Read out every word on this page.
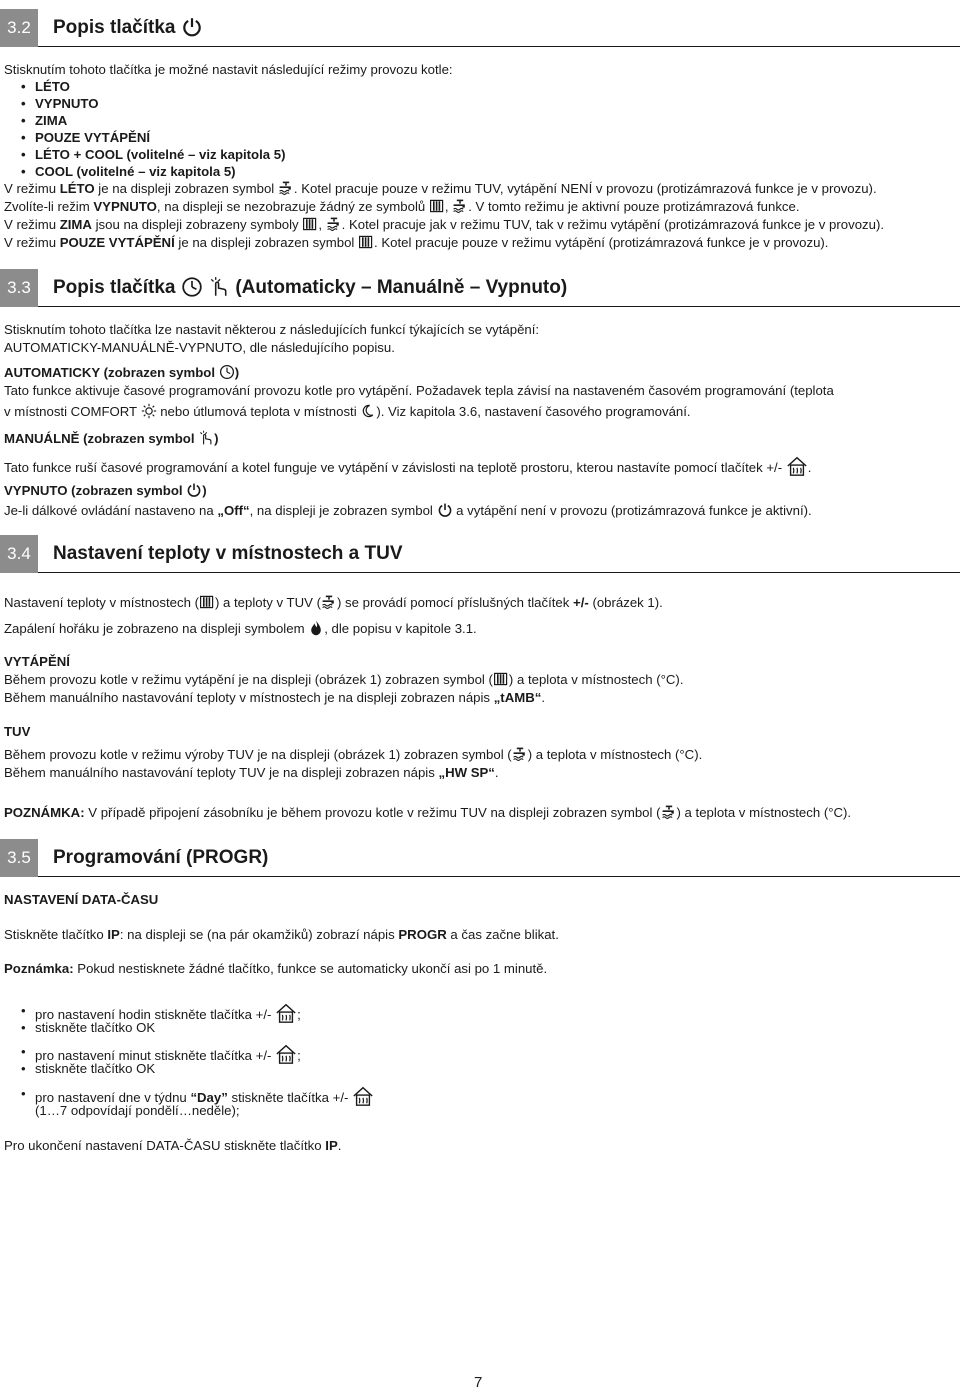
3.2	Popis tlačítka
Stisknutím tohoto tlačítka je možné nastavit následující režimy provozu kotle:
• LÉTO
• VYPNUTO
• ZIMA
• POUZE VYTÁPĚNÍ
• LÉTO + COOL (volitelné – viz kapitola 5)
• COOL (volitelné – viz kapitola 5)
V režimu LÉTO je na displeji zobrazen symbol . Kotel pracuje pouze v režimu TUV, vytápění NENÍ v provozu (protizámrazová funkce je v provozu).
Zvolíte-li režim VYPNUTO, na displeji se nezobrazuje žádný ze symbolů , . V tomto režimu je aktivní pouze protizámrazová funkce.
V režimu ZIMA jsou na displeji zobrazeny symboly , . Kotel pracuje jak v režimu TUV, tak v režimu vytápění (protizámrazová funkce je v provozu).
V režimu POUZE VYTÁPĚNÍ je na displeji zobrazen symbol . Kotel pracuje pouze v režimu vytápění (protizámrazová funkce je v provozu).
3.3	Popis tlačítka	(Automaticky – Manuálně – Vypnuto)
Stisknutím tohoto tlačítka lze nastavit některou z následujících funkcí týkajících se vytápění:
AUTOMATICKY-MANUÁLNĚ-VYPNUTO, dle následujícího popisu.
AUTOMATICKY (zobrazen symbol )
Tato funkce aktivuje časové programování provozu kotle pro vytápění. Požadavek tepla závisí na nastaveném časovém programování (teplota
v místnosti COMFORT  nebo útlumová teplota v místnosti ). Viz kapitola 3.6, nastavení časového programování.
MANUÁLNĚ (zobrazen symbol )
Tato funkce ruší časové programování a kotel funguje ve vytápění v závislosti na teplotě prostoru, kterou nastavíte pomocí tlačítek +/- .
VYPNUTO (zobrazen symbol )
Je-li dálkové ovládání nastaveno na „Off“, na displeji je zobrazen symbol  a vytápění není v provozu (protizámrazová funkce je aktivní).
3.4	Nastavení teploty v místnostech a TUV
Nastavení teploty v místnostech ( ) a teploty v TUV ( ) se provádí pomocí příslušných tlačítek +/- (obrázek 1).
Zapálení hořáku je zobrazeno na displeji symbolem , dle popisu v kapitole 3.1.
VYTÁPĚNÍ
Během provozu kotle v režimu vytápění je na displeji (obrázek 1) zobrazen symbol ( ) a teplota v místnostech (°C).
Během manuálního nastavování teploty v místnostech je na displeji zobrazen nápis „tAMB“.
TUV
Během provozu kotle v režimu výroby TUV je na displeji (obrázek 1) zobrazen symbol ( ) a teplota v místnostech (°C).
Během manuálního nastavování teploty TUV je na displeji zobrazen nápis „HW SP“.
POZNÁMKA: V případě připojení zásobníku je během provozu kotle v režimu TUV na displeji zobrazen symbol ( ) a teplota v místnostech (°C).
3.5	Programování (PROGR)
NASTAVENÍ DATA-ČASU
Stiskněte tlačítko IP: na displeji se (na pár okamžiků) zobrazí nápis PROGR a čas začne blikat.
Poznámka: Pokud nestisknete žádné tlačítko, funkce se automaticky ukončí asi po 1 minutě.
• pro nastavení hodin stiskněte tlačítka +/- ;
• stiskněte tlačítko OK
• pro nastavení minut stiskněte tlačítka +/- ;
• stiskněte tlačítko OK
• pro nastavení dne v týdnu “Day” stiskněte tlačítka +/-
(1…7 odpovídají pondělí…neděle);
Pro ukončení nastavení DATA-ČASU stiskněte tlačítko IP.
7
